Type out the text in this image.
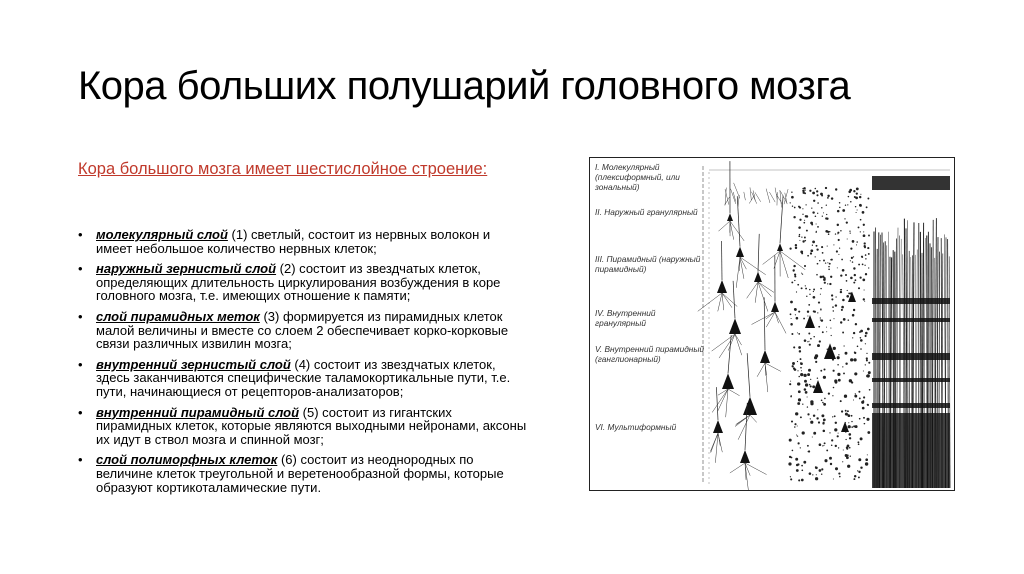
Кора больших полушарий головного мозга
Кора большого мозга имеет шестислойное строение:
• молекулярный слой (1) светлый, состоит из нервных волокон и имеет небольшое количество нервных клеток;
• наружный зернистый слой (2) состоит из звездчатых клеток, определяющих длительность циркулирования возбуждения в коре головного мозга, т.е. имеющих отношение к памяти;
• слой пирамидных меток (3) формируется из пирамидных клеток малой величины и вместе со слоем 2 обеспечивает корко-корковые связи различных извилин мозга;
• внутренний зернистый слой (4) состоит из звездчатых клеток, здесь заканчиваются специфические таламокортикальные пути, т.е. пути, начинающиеся от рецепторов-анализаторов;
• внутренний пирамидный слой (5) состоит из гигантских пирамидных клеток, которые являются выходными нейронами, аксоны их идут в ствол мозга и спинной мозг;
• слой полиморфных клеток (6) состоит из неоднородных по величине клеток треугольной и веретенообразной формы, которые образуют кортикоталамические пути.
I. Молекулярный (плексиформный, или зональный)
II. Наружный гранулярный
III. Пирамидный (наружный пирамидный)
IV. Внутренний гранулярный
V. Внутренний пирамидный (ганглионарный)
VI. Мультиформный
